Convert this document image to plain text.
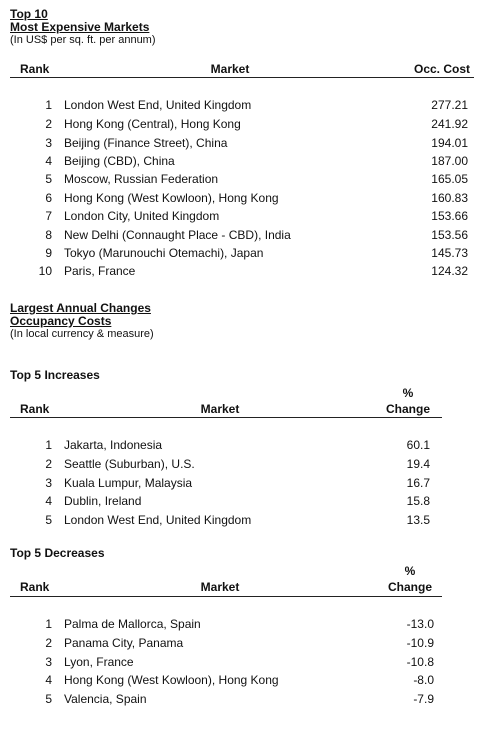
Top 10
Most Expensive Markets
(In US$ per sq. ft. per annum)
Rank	Market	Occ. Cost
1 London West End, United Kingdom	277.21
2 Hong Kong (Central), Hong Kong	241.92
3 Beijing (Finance Street), China	194.01
4 Beijing (CBD), China	187.00
5 Moscow, Russian Federation	165.05
6 Hong Kong (West Kowloon), Hong Kong	160.83
7 London City, United Kingdom	153.66
8 New Delhi (Connaught Place - CBD), India	153.56
9 Tokyo (Marunouchi Otemachi), Japan	145.73
10 Paris, France	124.32
Largest Annual Changes
Occupancy Costs
(In local currency & measure)
Top 5 Increases
Rank	Market
%
Change
1 Jakarta, Indonesia	60.1
2 Seattle (Suburban), U.S.	19.4
3 Kuala Lumpur, Malaysia	16.7
4 Dublin, Ireland	15.8
5 London West End, United Kingdom	13.5
Top 5 Decreases
Rank	Market
%
Change
1 Palma de Mallorca, Spain	-13.0
2 Panama City, Panama	-10.9
3 Lyon, France	-10.8
4 Hong Kong (West Kowloon), Hong Kong	-8.0
5 Valencia, Spain	-7.9
